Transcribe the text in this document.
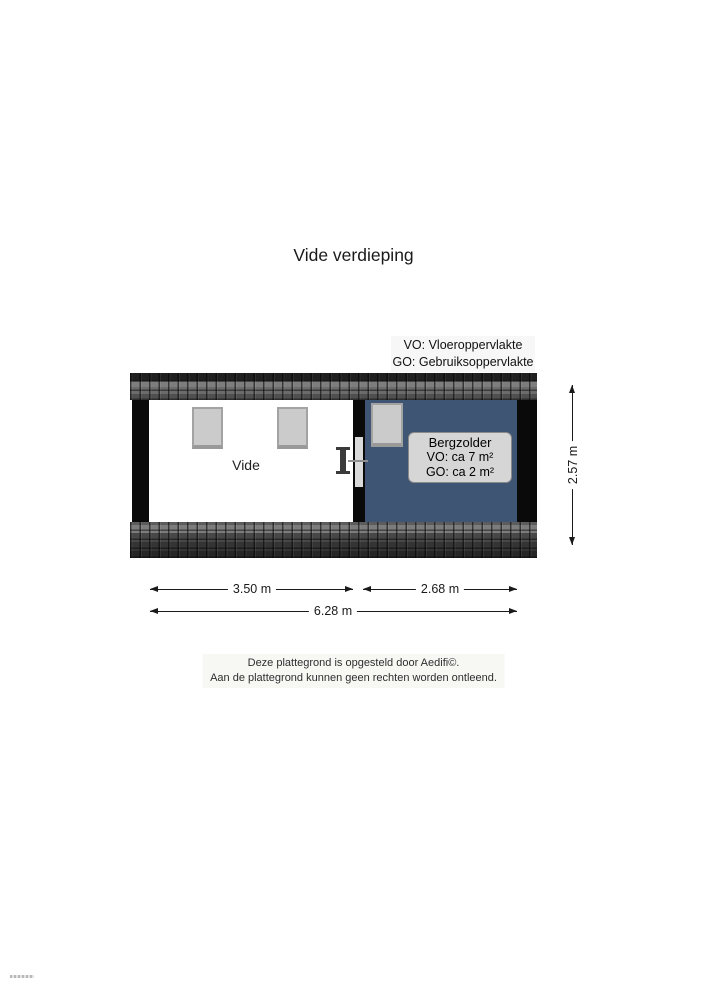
Vide verdieping
VO: Vloeroppervlakte
GO: Gebruiksoppervlakte
Vide
Bergzolder
VO: ca 7 m²
GO: ca 2 m²
3.50 m	2.68 m
6.28 m
2.57 m
Deze plattegrond is opgesteld door Aedifi©.
Aan de plattegrond kunnen geen rechten worden ontleend.
